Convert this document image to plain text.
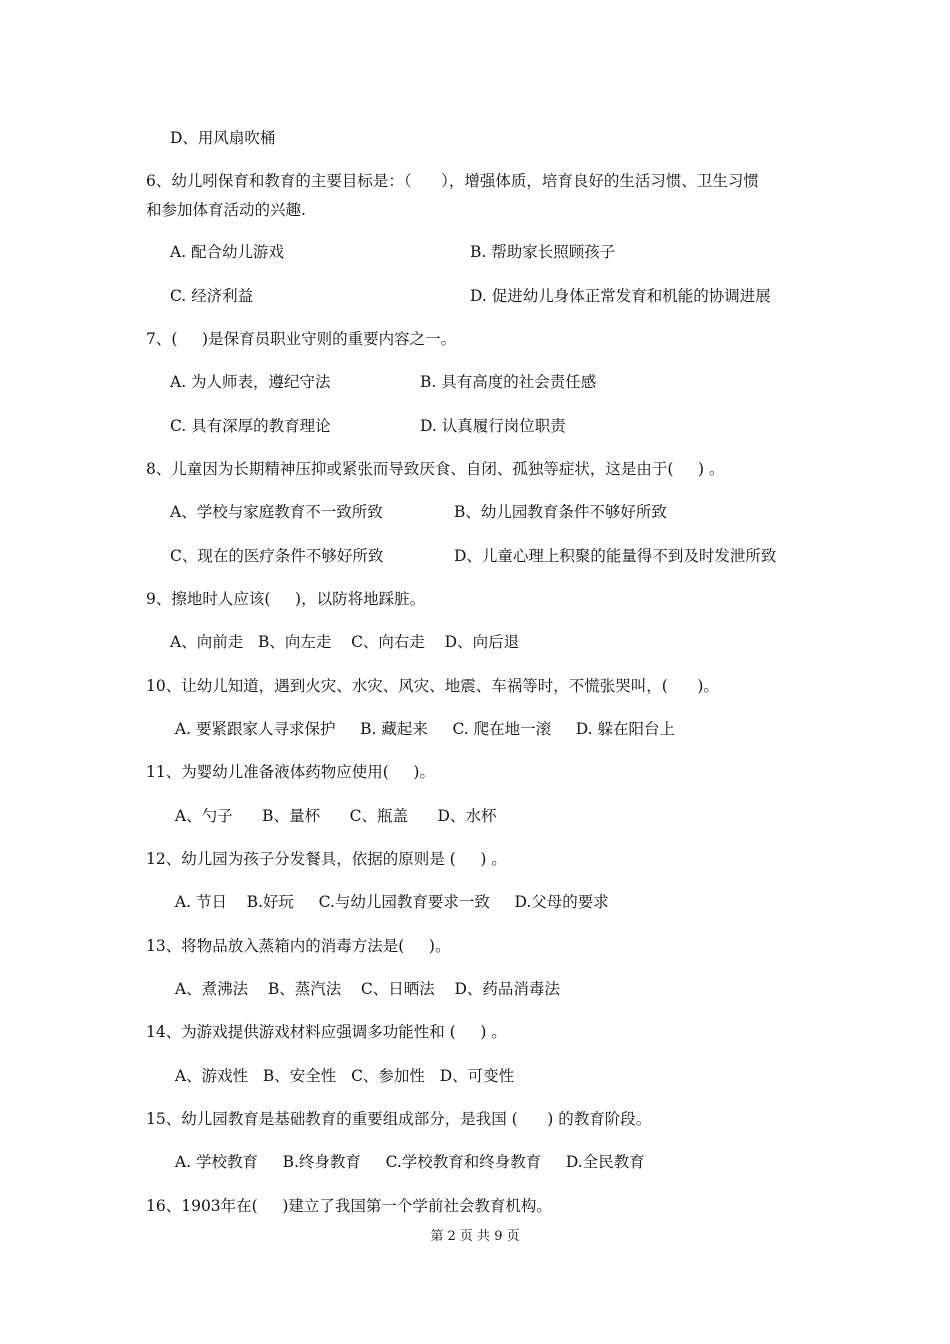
D、用风扇吹桶
6、幼儿吲保育和教育的主要目标是：（      ），增强体质，培育良好的生活习惯、卫生习惯
和参加体育活动的兴趣.
A. 配合幼儿游戏	B. 帮助家长照顾孩子
C. 经济利益	D. 促进幼儿身体正常发育和机能的协调进展
7、(     )是保育员职业守则的重要内容之一。
A. 为人师表，遵纪守法	B. 具有高度的社会责任感
C. 具有深厚的教育理论	D. 认真履行岗位职责
8、儿童因为长期精神压抑或紧张而导致厌食、自闭、孤独等症状，这是由于(     ) 。
A、学校与家庭教育不一致所致	B、幼儿园教育条件不够好所致
C、现在的医疗条件不够好所致	D、儿童心理上积聚的能量得不到及时发泄所致
9、擦地时人应该(     )，以防将地踩脏。
A、向前走   B、向左走    C、向右走    D、向后退
10、让幼儿知道，遇到火灾、水灾、风灾、地震、车祸等时，不慌张哭叫，(      )。
A. 要紧跟家人寻求保护     B. 藏起来     C. 爬在地一滚     D. 躲在阳台上
11、为婴幼儿准备液体药物应使用(     )。
A、勺子      B、量杯      C、瓶盖      D、水杯
12、幼儿园为孩子分发餐具，依据的原则是 (     ) 。
A. 节日    B.好玩     C.与幼儿园教育要求一致     D.父母的要求
13、将物品放入蒸箱内的消毒方法是(     )。
A、煮沸法    B、蒸汽法    C、日晒法    D、药品消毒法
14、为游戏提供游戏材料应强调多功能性和 (     ) 。
A、游戏性   B、安全性   C、参加性   D、可变性
15、幼儿园教育是基础教育的重要组成部分，是我国 (      ) 的教育阶段。
A. 学校教育     B.终身教育     C.学校教育和终身教育     D.全民教育
16、1903年在(     )建立了我国第一个学前社会教育机构。
第 2 页 共 9 页
